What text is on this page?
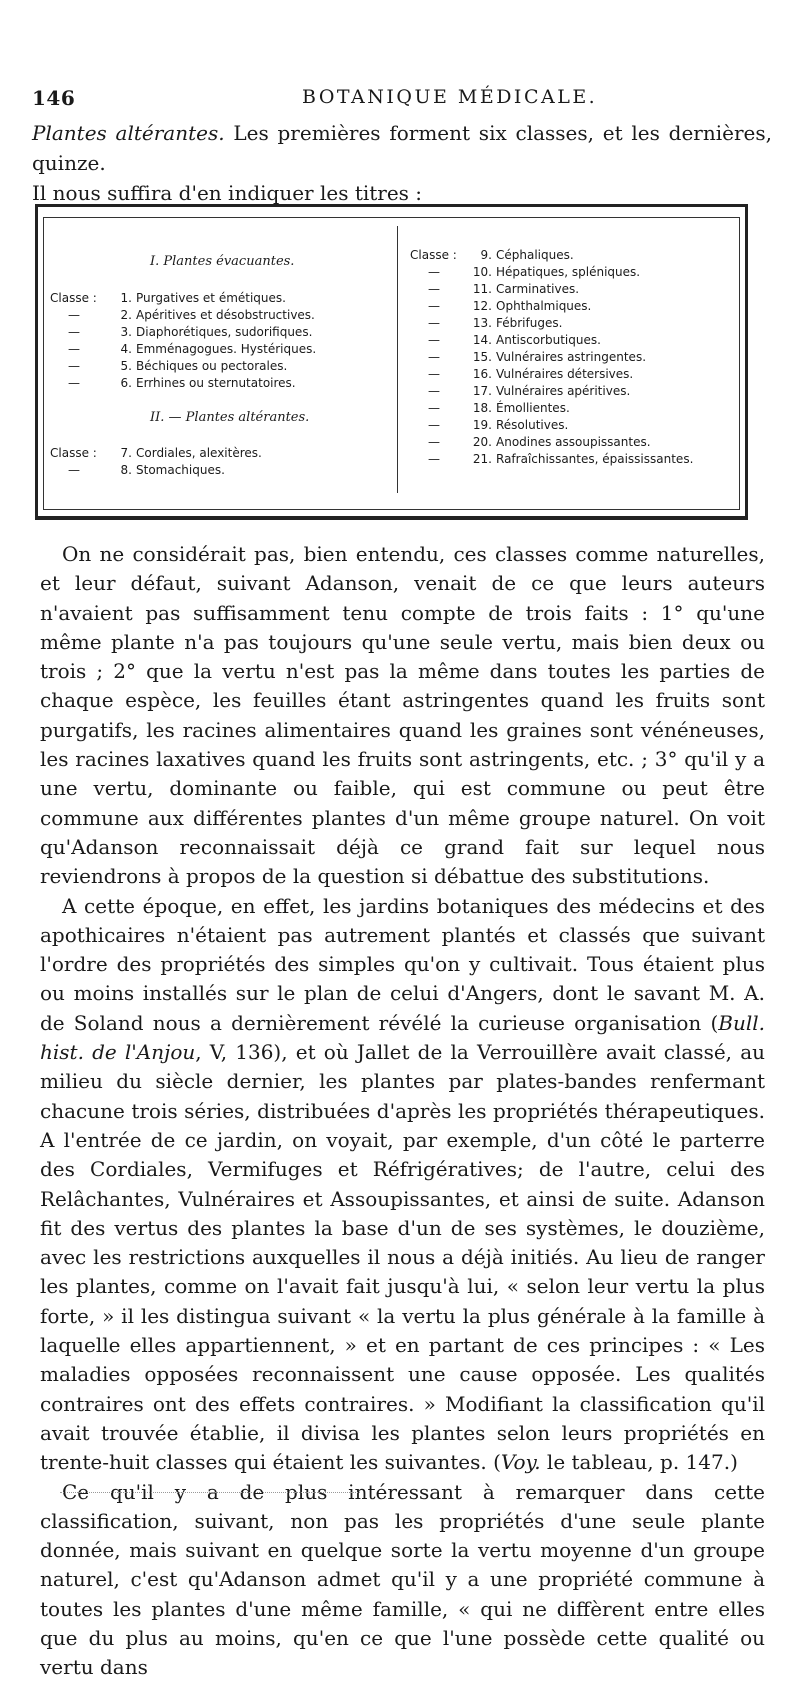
146	BOTANIQUE MÉDICALE.
Plantes altérantes. Les premières forment six classes, et les dernières, quinze.
Il nous suffira d'en indiquer les titres :
I. Plantes évacuantes.
Classe : 1. Purgatives et émétiques.
—	2. Apéritives et désobstructives.
—	3. Diaphorétiques, sudorifiques.
—	4. Emménagogues. Hystériques.
—	5. Béchiques ou pectorales.
—	6. Errhines ou sternutatoires.
II. — Plantes altérantes.
Classe : 7. Cordiales, alexitères.
—	8. Stomachiques.
Classe : 9. Céphaliques.
—	10. Hépatiques, spléniques.
—	11. Carminatives.
—	12. Ophthalmiques.
—	13. Fébrifuges.
—	14. Antiscorbutiques.
—	15. Vulnéraires astringentes.
—	16. Vulnéraires détersives.
—	17. Vulnéraires apéritives.
—	18. Émollientes.
—	19. Résolutives.
—	20. Anodines assoupissantes.
—	21. Rafraîchissantes, épaississantes.

On ne considérait pas, bien entendu, ces classes comme naturelles, et leur défaut, suivant Adanson, venait de ce que leurs auteurs n'avaient pas suffisamment tenu compte de trois faits : 1° qu'une même plante n'a pas toujours qu'une seule vertu, mais bien deux ou trois ; 2° que la vertu n'est pas la même dans toutes les parties de chaque espèce, les feuilles étant astringentes quand les fruits sont purgatifs, les racines alimentaires quand les graines sont vénéneuses, les racines laxatives quand les fruits sont astringents, etc. ; 3° qu'il y a une vertu, dominante ou faible, qui est commune ou peut être commune aux différentes plantes d'un même groupe naturel. On voit qu'Adanson reconnaissait déjà ce grand fait sur lequel nous reviendrons à propos de la question si débattue des substitutions.

A cette époque, en effet, les jardins botaniques des médecins et des apothicaires n'étaient pas autrement plantés et classés que suivant l'ordre des propriétés des simples qu'on y cultivait. Tous étaient plus ou moins installés sur le plan de celui d'Angers, dont le savant M. A. de Soland nous a dernièrement révélé la curieuse organisation (Bull. hist. de l'Anjou, V, 136), et où Jallet de la Verrouillère avait classé, au milieu du siècle dernier, les plantes par plates-bandes renfermant chacune trois séries, distribuées d'après les propriétés thérapeutiques. A l'entrée de ce jardin, on voyait, par exemple, d'un côté le parterre des Cordiales, Vermifuges et Réfrigératives; de l'autre, celui des Relâchantes, Vulnéraires et Assoupissantes, et ainsi de suite. Adanson fit des vertus des plantes la base d'un de ses systèmes, le douzième, avec les restrictions auxquelles il nous a déjà initiés. Au lieu de ranger les plantes, comme on l'avait fait jusqu'à lui, « selon leur vertu la plus forte, » il les distingua suivant « la vertu la plus générale à la famille à laquelle elles appartiennent, » et en partant de ces principes : « Les maladies opposées reconnaissent une cause opposée. Les qualités contraires ont des effets contraires. » Modifiant la classification qu'il avait trouvée établie, il divisa les plantes selon leurs propriétés en trente-huit classes qui étaient les suivantes. (Voy. le tableau, p. 147.)

Ce qu'il y a de plus intéressant à remarquer dans cette classification, suivant, non pas les propriétés d'une seule plante donnée, mais suivant en quelque sorte la vertu moyenne d'un groupe naturel, c'est qu'Adanson admet qu'il y a une propriété commune à toutes les plantes d'une même famille, « qui ne diffèrent entre elles que du plus au moins, qu'en ce que l'une possède cette qualité ou vertu dans
